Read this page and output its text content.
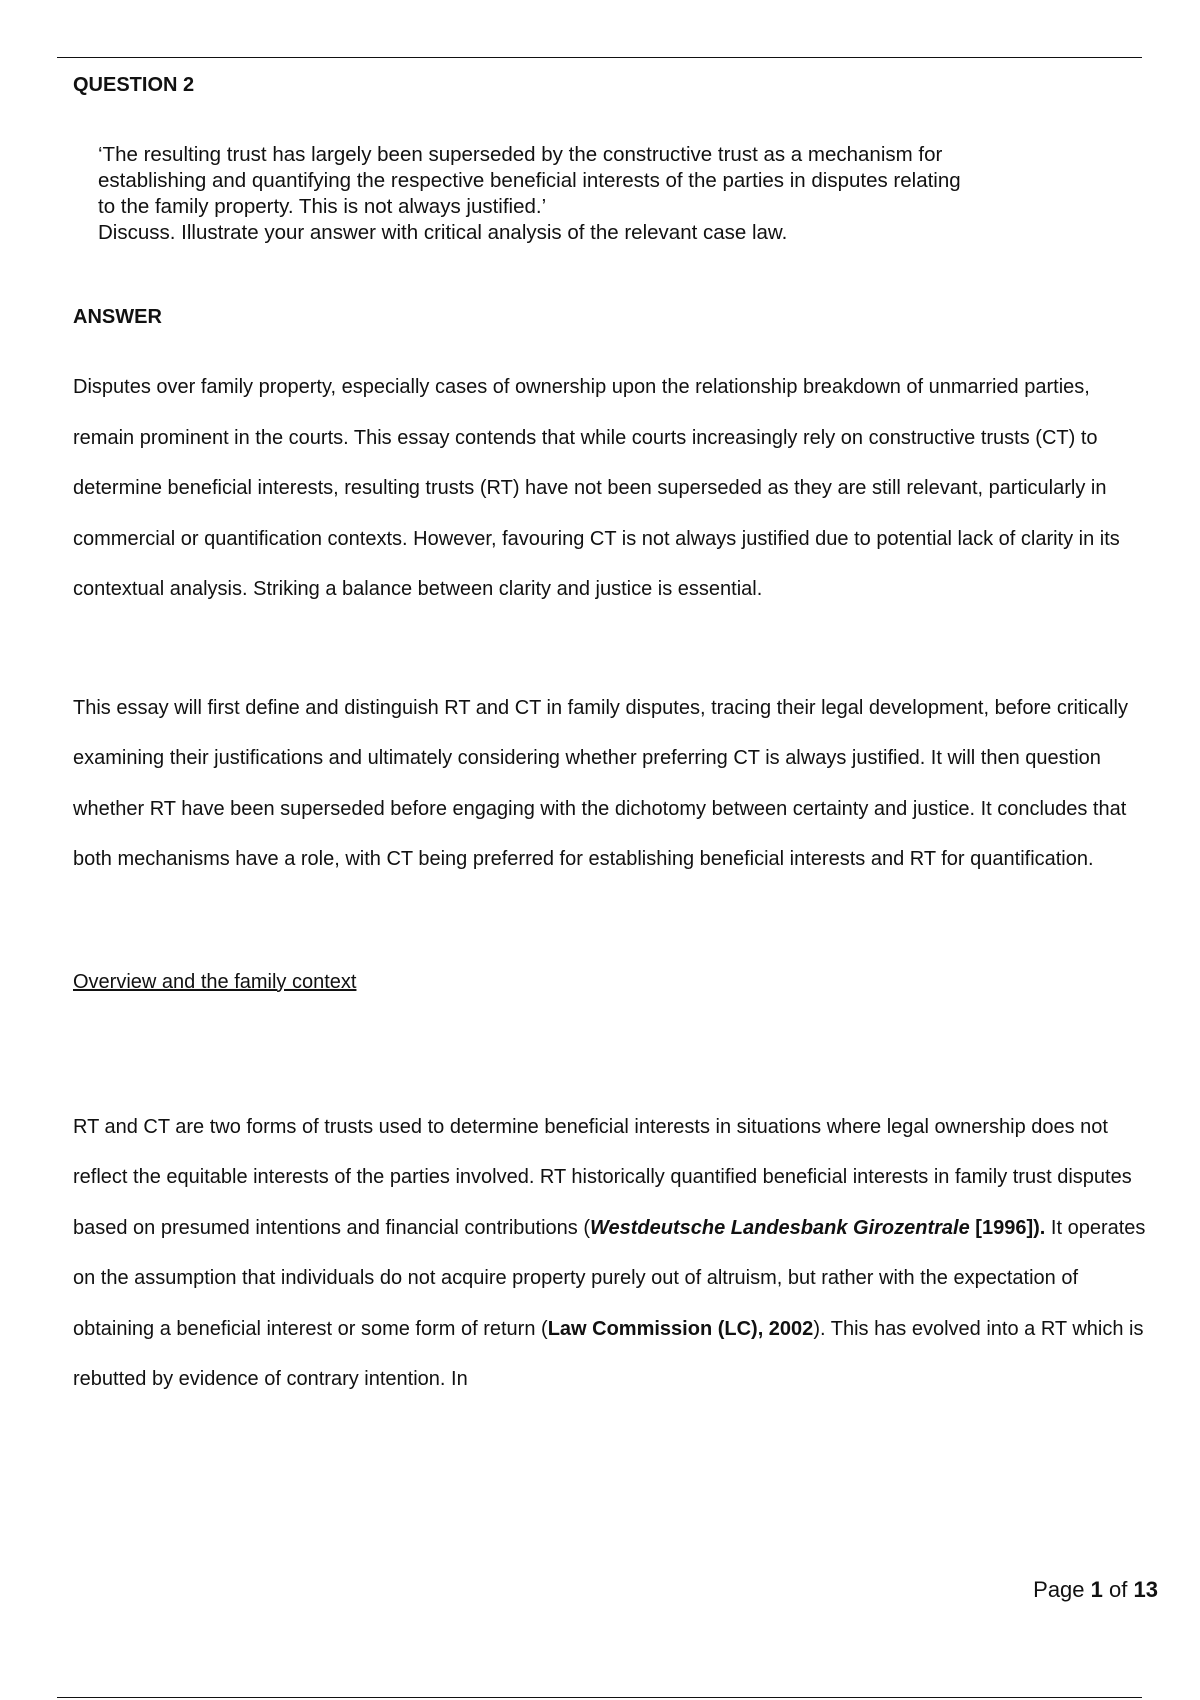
QUESTION 2

‘The resulting trust has largely been superseded by the constructive trust as a mechanism for establishing and quantifying the respective beneficial interests of the parties in disputes relating to the family property. This is not always justified.’

Discuss. Illustrate your answer with critical analysis of the relevant case law.

ANSWER

Disputes over family property, especially cases of ownership upon the relationship breakdown of unmarried parties, remain prominent in the courts. This essay contends that while courts increasingly rely on constructive trusts (CT) to determine beneficial interests, resulting trusts (RT) have not been superseded as they are still relevant, particularly in commercial or quantification contexts. However, favouring CT is not always justified due to potential lack of clarity in its contextual analysis. Striking a balance between clarity and justice is essential.

This essay will first define and distinguish RT and CT in family disputes, tracing their legal development, before critically examining their justifications and ultimately considering whether preferring CT is always justified. It will then question whether RT have been superseded before engaging with the dichotomy between certainty and justice. It concludes that both mechanisms have a role, with CT being preferred for establishing beneficial interests and RT for quantification.

Overview and the family context

RT and CT are two forms of trusts used to determine beneficial interests in situations where legal ownership does not reflect the equitable interests of the parties involved. RT historically quantified beneficial interests in family trust disputes based on presumed intentions and financial contributions (Westdeutsche Landesbank Girozentrale [1996]). It operates on the assumption that individuals do not acquire property purely out of altruism, but rather with the expectation of obtaining a beneficial interest or some form of return (Law Commission (LC), 2002). This has evolved into a RT which is rebutted by evidence of contrary intention. In

Page 1 of 13
